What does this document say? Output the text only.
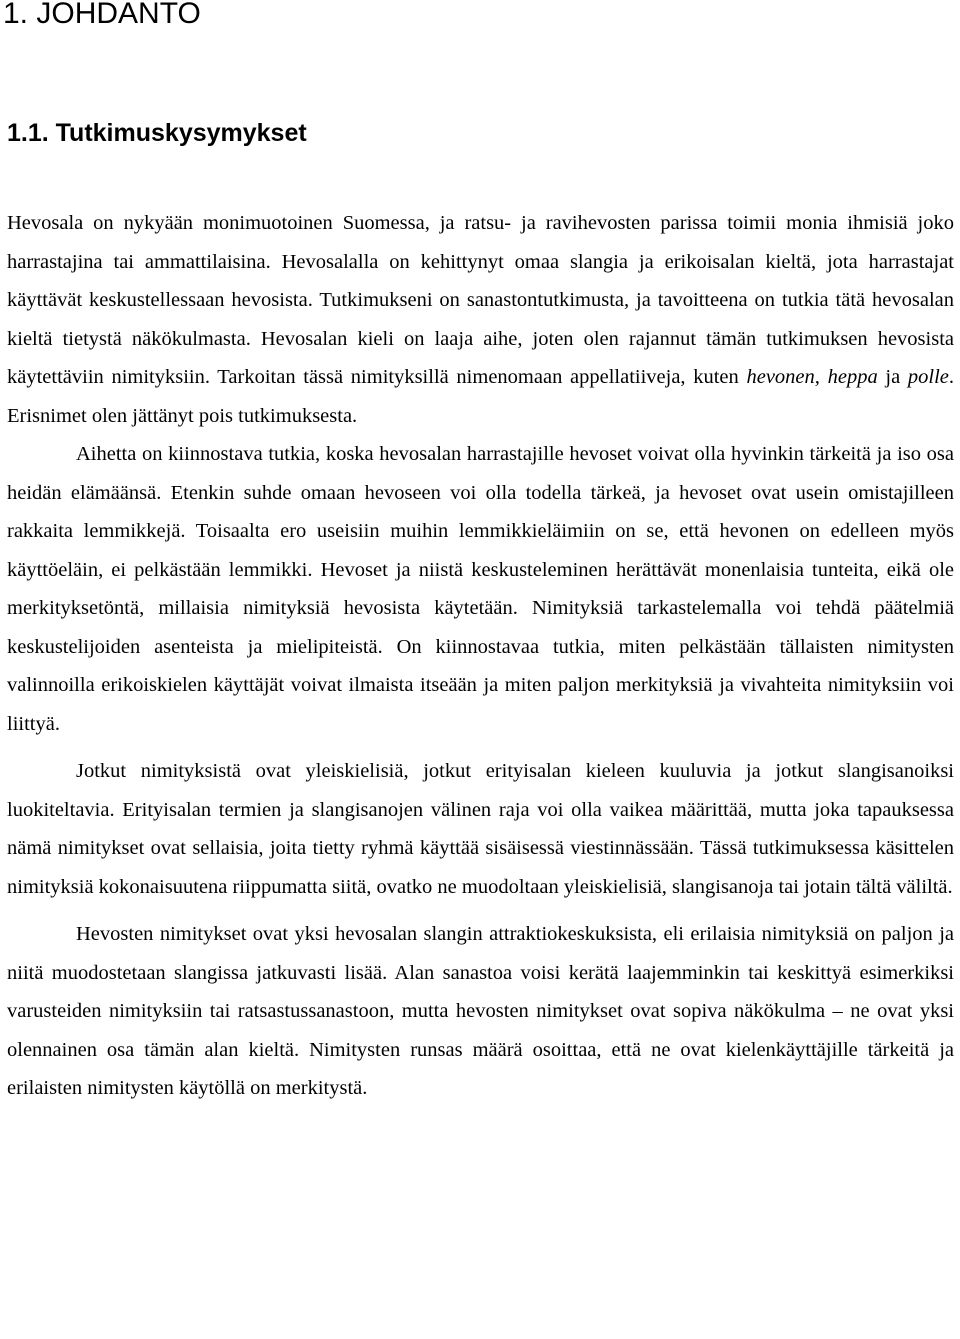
1. JOHDANTO
1.1. Tutkimuskysymykset

Hevosala on nykyään monimuotoinen Suomessa, ja ratsu- ja ravihevosten parissa toimii monia ihmisiä joko harrastajina tai ammattilaisina. Hevosalalla on kehittynyt omaa slangia ja erikoisalan kieltä, jota harrastajat käyttävät keskustellessaan hevosista. Tutkimukseni on sanastontutkimusta, ja tavoitteena on tutkia tätä hevosalan kieltä tietystä näkökulmasta. Hevosalan kieli on laaja aihe, joten olen rajannut tämän tutkimuksen hevosista käytettäviin nimityksiin. Tarkoitan tässä nimityksillä nimenomaan appellatiiveja, kuten hevonen, heppa ja polle. Erisnimet olen jättänyt pois tutkimuksesta.

Aihetta on kiinnostava tutkia, koska hevosalan harrastajille hevoset voivat olla hyvinkin tärkeitä ja iso osa heidän elämäänsä. Etenkin suhde omaan hevoseen voi olla todella tärkeä, ja hevoset ovat usein omistajilleen rakkaita lemmikkejä. Toisaalta ero useisiin muihin lemmikkieläimiin on se, että hevonen on edelleen myös käyttöeläin, ei pelkästään lemmikki. Hevoset ja niistä keskusteleminen herättävät monenlaisia tunteita, eikä ole merkityksetöntä, millaisia nimityksiä hevosista käytetään. Nimityksiä tarkastelemalla voi tehdä päätelmiä keskustelijoiden asenteista ja mielipiteistä. On kiinnostavaa tutkia, miten pelkästään tällaisten nimitysten valinnoilla erikoiskielen käyttäjät voivat ilmaista itseään ja miten paljon merkityksiä ja vivahteita nimityksiin voi liittyä.

Jotkut nimityksistä ovat yleiskielisiä, jotkut erityisalan kieleen kuuluvia ja jotkut slangisanoiksi luokiteltavia. Erityisalan termien ja slangisanojen välinen raja voi olla vaikea määrittää, mutta joka tapauksessa nämä nimitykset ovat sellaisia, joita tietty ryhmä käyttää sisäisessä viestinnässään. Tässä tutkimuksessa käsittelen nimityksiä kokonaisuutena riippumatta siitä, ovatko ne muodoltaan yleiskielisiä, slangisanoja tai jotain tältä väliltä.

Hevosten nimitykset ovat yksi hevosalan slangin attraktiokeskuksista, eli erilaisia nimityksiä on paljon ja niitä muodostetaan slangissa jatkuvasti lisää. Alan sanastoa voisi kerätä laajemminkin tai keskittyä esimerkiksi varusteiden nimityksiin tai ratsastussanastoon, mutta hevosten nimitykset ovat sopiva näkökulma – ne ovat yksi olennainen osa tämän alan kieltä. Nimitysten runsas määrä osoittaa, että ne ovat kielenkäyttäjille tärkeitä ja erilaisten nimitysten käytöllä on merkitystä.
